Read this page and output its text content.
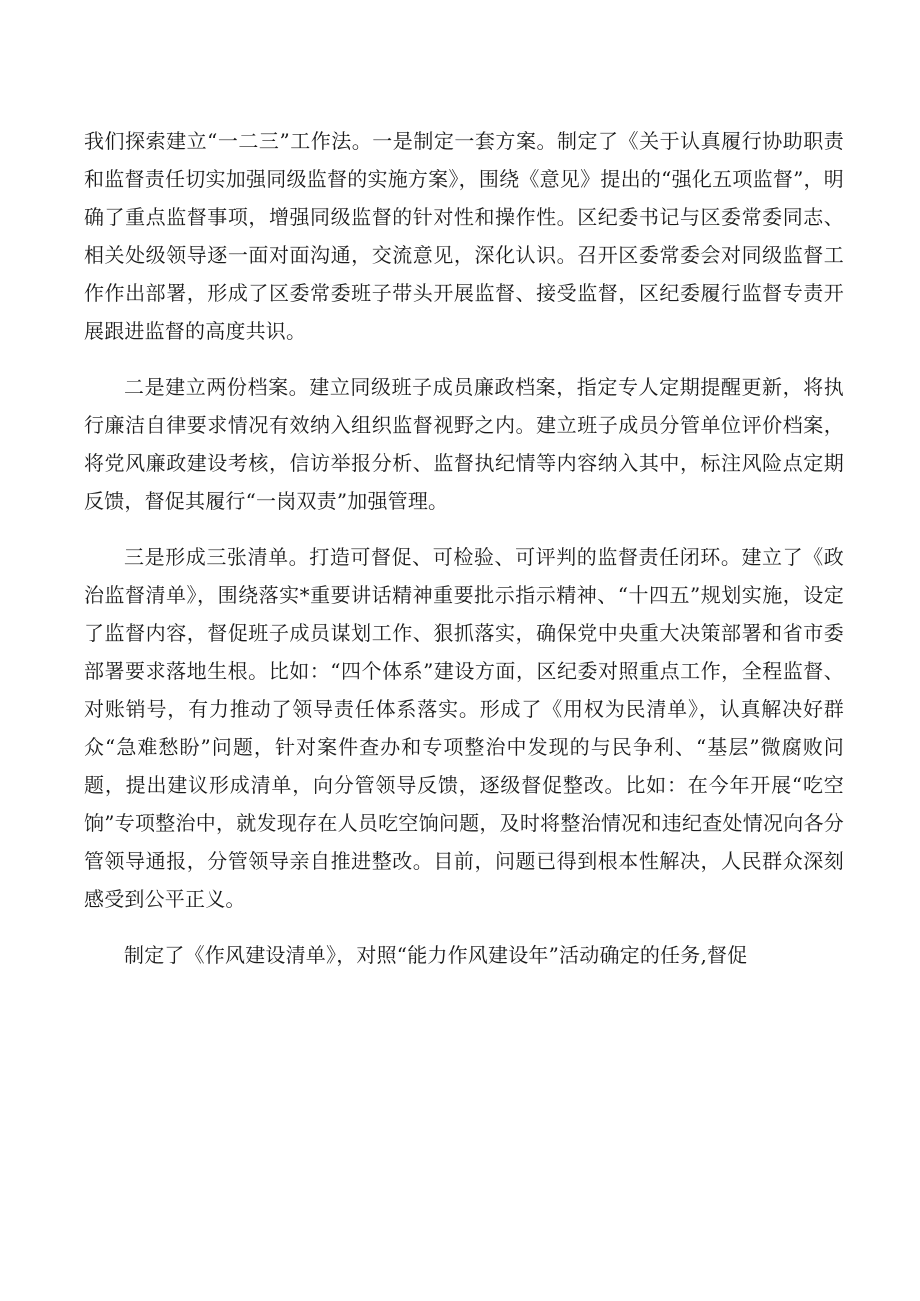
我们探索建立“一二三”工作法。一是制定一套方案。制定了《关于认真履行协助职责和监督责任切实加强同级监督的实施方案》，围绕《意见》提出的“强化五项监督”，明确了重点监督事项，增强同级监督的针对性和操作性。区纪委书记与区委常委同志、相关处级领导逐一面对面沟通，交流意见，深化认识。召开区委常委会对同级监督工作作出部署，形成了区委常委班子带头开展监督、接受监督，区纪委履行监督专责开展跟进监督的高度共识。

二是建立两份档案。建立同级班子成员廉政档案，指定专人定期提醒更新，将执行廉洁自律要求情况有效纳入组织监督视野之内。建立班子成员分管单位评价档案，将党风廉政建设考核，信访举报分析、监督执纪情等内容纳入其中，标注风险点定期反馈，督促其履行“一岗双责”加强管理。

三是形成三张清单。打造可督促、可检验、可评判的监督责任闭环。建立了《政治监督清单》，围绕落实*重要讲话精神重要批示指示精神、“十四五”规划实施，设定了监督内容，督促班子成员谋划工作、狠抓落实，确保党中央重大决策部署和省市委部署要求落地生根。比如：“四个体系”建设方面，区纪委对照重点工作，全程监督、对账销号，有力推动了领导责任体系落实。形成了《用权为民清单》，认真解决好群众“急难愁盼”问题，针对案件查办和专项整治中发现的与民争利、“基层”微腐败问题，提出建议形成清单，向分管领导反馈，逐级督促整改。比如：在今年开展“吃空饷”专项整治中，就发现存在人员吃空饷问题，及时将整治情况和违纪查处情况向各分管领导通报，分管领导亲自推进整改。目前，问题已得到根本性解决，人民群众深刻感受到公平正义。

制定了《作风建设清单》，对照“能力作风建设年”活动确定的任务,督促
